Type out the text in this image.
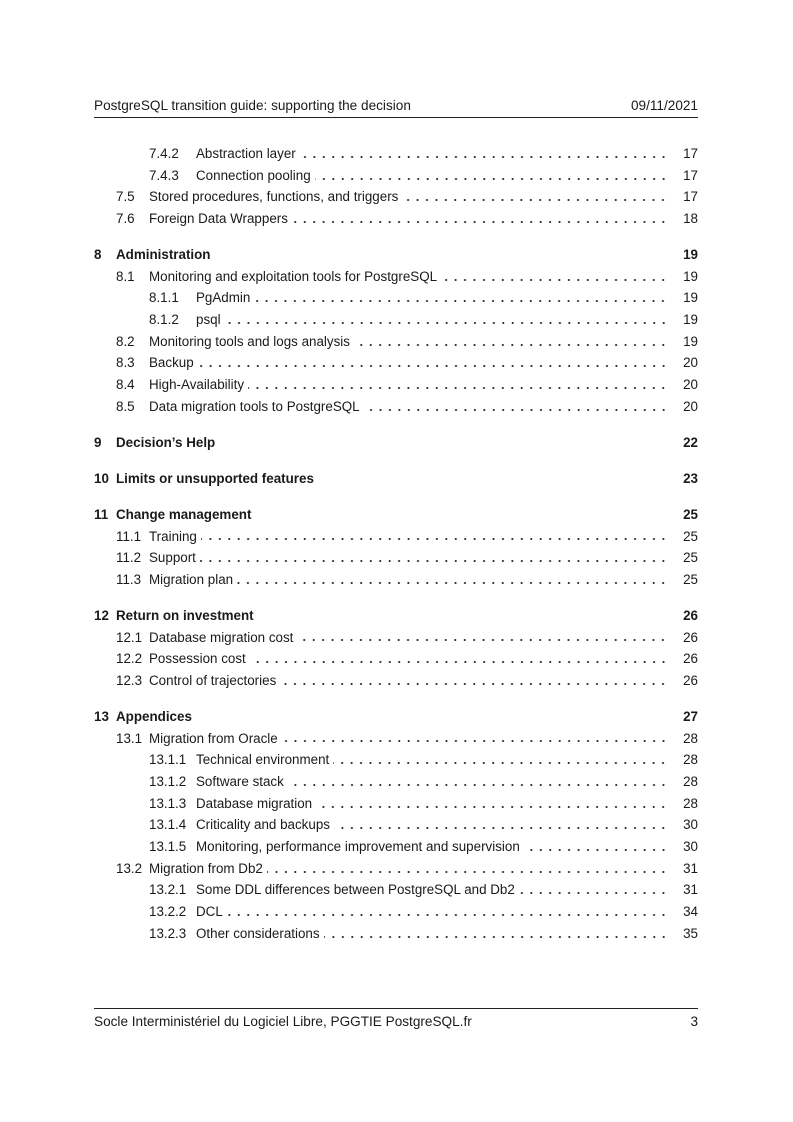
PostgreSQL transition guide: supporting the decision	09/11/2021
7.4.2	Abstraction layer	17
7.4.3	Connection pooling	17
7.5	Stored procedures, functions, and triggers	17
7.6	Foreign Data Wrappers	18
8	Administration	19
8.1	Monitoring and exploitation tools for PostgreSQL	19
8.1.1	PgAdmin	19
8.1.2	psql	19
8.2	Monitoring tools and logs analysis	19
8.3	Backup	20
8.4	High-Availability	20
8.5	Data migration tools to PostgreSQL	20
9	Decision’s Help	22
10 Limits or unsupported features	23
11 Change management	25
11.1 Training	25
11.2 Support	25
11.3 Migration plan	25
12 Return on investment	26
12.1 Database migration cost	26
12.2 Possession cost	26
12.3 Control of trajectories	26
13 Appendices	27
13.1 Migration from Oracle	28
13.1.1 Technical environment	28
13.1.2 Software stack	28
13.1.3 Database migration	28
13.1.4 Criticality and backups	30
13.1.5 Monitoring, performance improvement and supervision	30
13.2 Migration from Db2	31
13.2.1 Some DDL differences between PostgreSQL and Db2	31
13.2.2 DCL	34
13.2.3 Other considerations	35
Socle Interministériel du Logiciel Libre, PGGTIE PostgreSQL.fr	3
